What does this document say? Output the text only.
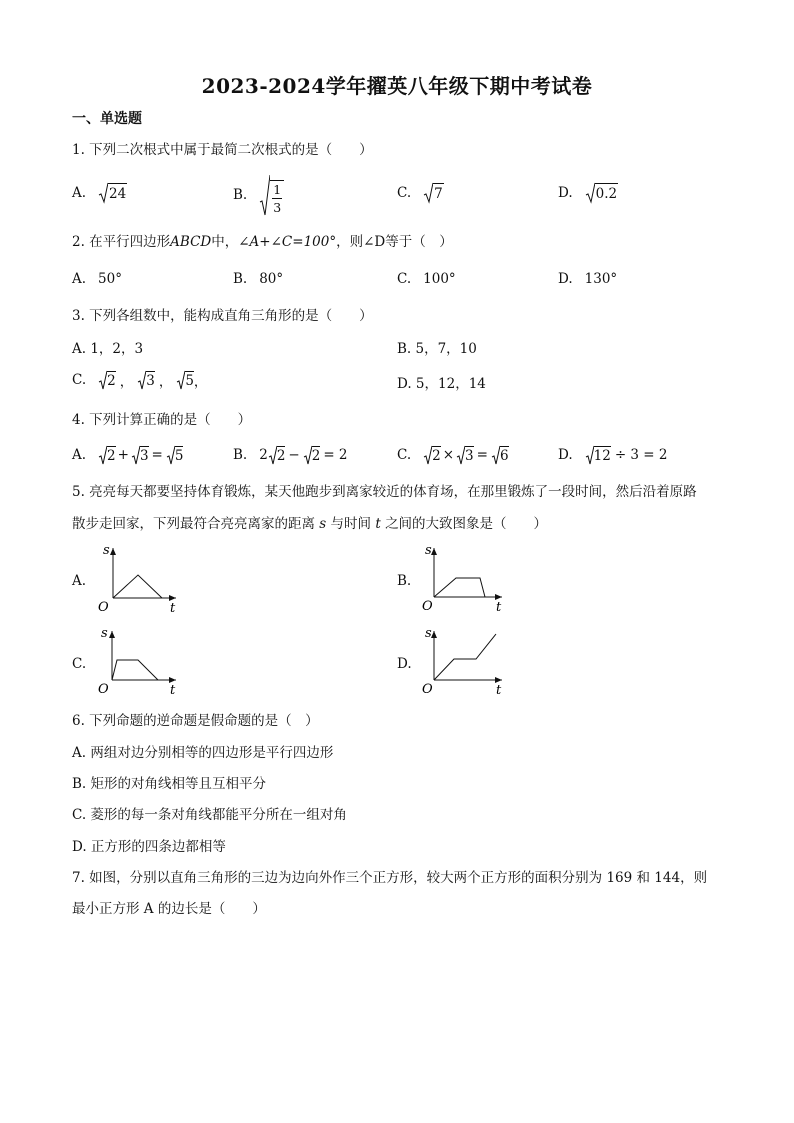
2023-2024学年擢英八年级下期中考试卷
一、单选题
1. 下列二次根式中属于最简二次根式的是（　　）
A. 24	B. 1
3
C. 7	D. 0.2
2. 在平行四边形ABCD中，∠A+∠C=100°，则∠D等于（　）
A. 50°	B. 80°	C. 100°	D. 130°
3. 下列各组数中，能构成直角三角形的是（　　）
A. 1，2，3	B. 5，7，10
C. 2 ， 3 ， 5 ，	D. 5，12，14
4. 下列计算正确的是（　　）
A. 2 + 3 = 5	B. 2 2 − 2 = 2	C. 2 × 3 = 6	D. 12 ÷ 3 = 2
5. 亮亮每天都要坚持体育锻炼，某天他跑步到离家较近的体育场，在那里锻炼了一段时间，然后沿着原路
散步走回家，下列最符合亮亮离家的距离 s 与时间 t 之间的大致图象是（　　）
A.
s
t
O
B.
s
t
O
C.
s
t
O
D.
s
t
O
6. 下列命题的逆命题是假命题的是（　）
A. 两组对边分别相等的四边形是平行四边形
B. 矩形的对角线相等且互相平分
C. 菱形的每一条对角线都能平分所在一组对角
D. 正方形的四条边都相等
7. 如图，分别以直角三角形的三边为边向外作三个正方形，较大两个正方形的面积分别为 169 和 144，则
最小正方形 A 的边长是（　　）
